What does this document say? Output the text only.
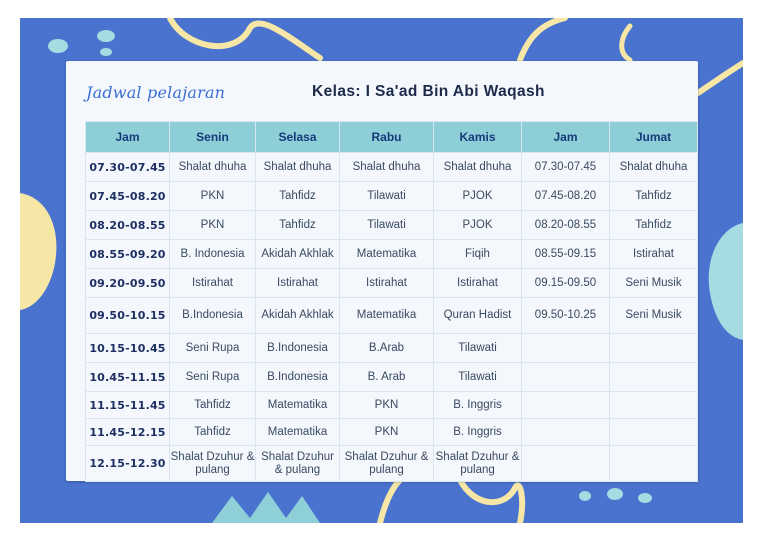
Jadwal pelajaran	Kelas: I Sa'ad Bin Abi Waqash
Jam	Senin	Selasa	Rabu	Kamis	Jam	Jumat
07.30-07.45	Shalat dhuha	Shalat dhuha	Shalat dhuha	Shalat dhuha	07.30-07.45	Shalat dhuha
07.45-08.20	PKN	Tahfidz	Tilawati	PJOK	07.45-08.20	Tahfidz
08.20-08.55	PKN	Tahfidz	Tilawati	PJOK	08.20-08.55	Tahfidz
08.55-09.20	B. Indonesia	Akidah Akhlak	Matematika	Fiqih	08.55-09.15	Istirahat
09.20-09.50	Istirahat	Istirahat	Istirahat	Istirahat	09.15-09.50	Seni Musik
09.50-10.15	B.Indonesia	Akidah Akhlak	Matematika	Quran Hadist	09.50-10.25	Seni Musik
10.15-10.45	Seni Rupa	B.Indonesia	B.Arab	Tilawati		
10.45-11.15	Seni Rupa	B.Indonesia	B. Arab	Tilawati		
11.15-11.45	Tahfidz	Matematika	PKN	B. Inggris		
11.45-12.15	Tahfidz	Matematika	PKN	B. Inggris		
12.15-12.30	Shalat Dzuhur & pulang	Shalat Dzuhur & pulang	Shalat Dzuhur & pulang	Shalat Dzuhur & pulang		
